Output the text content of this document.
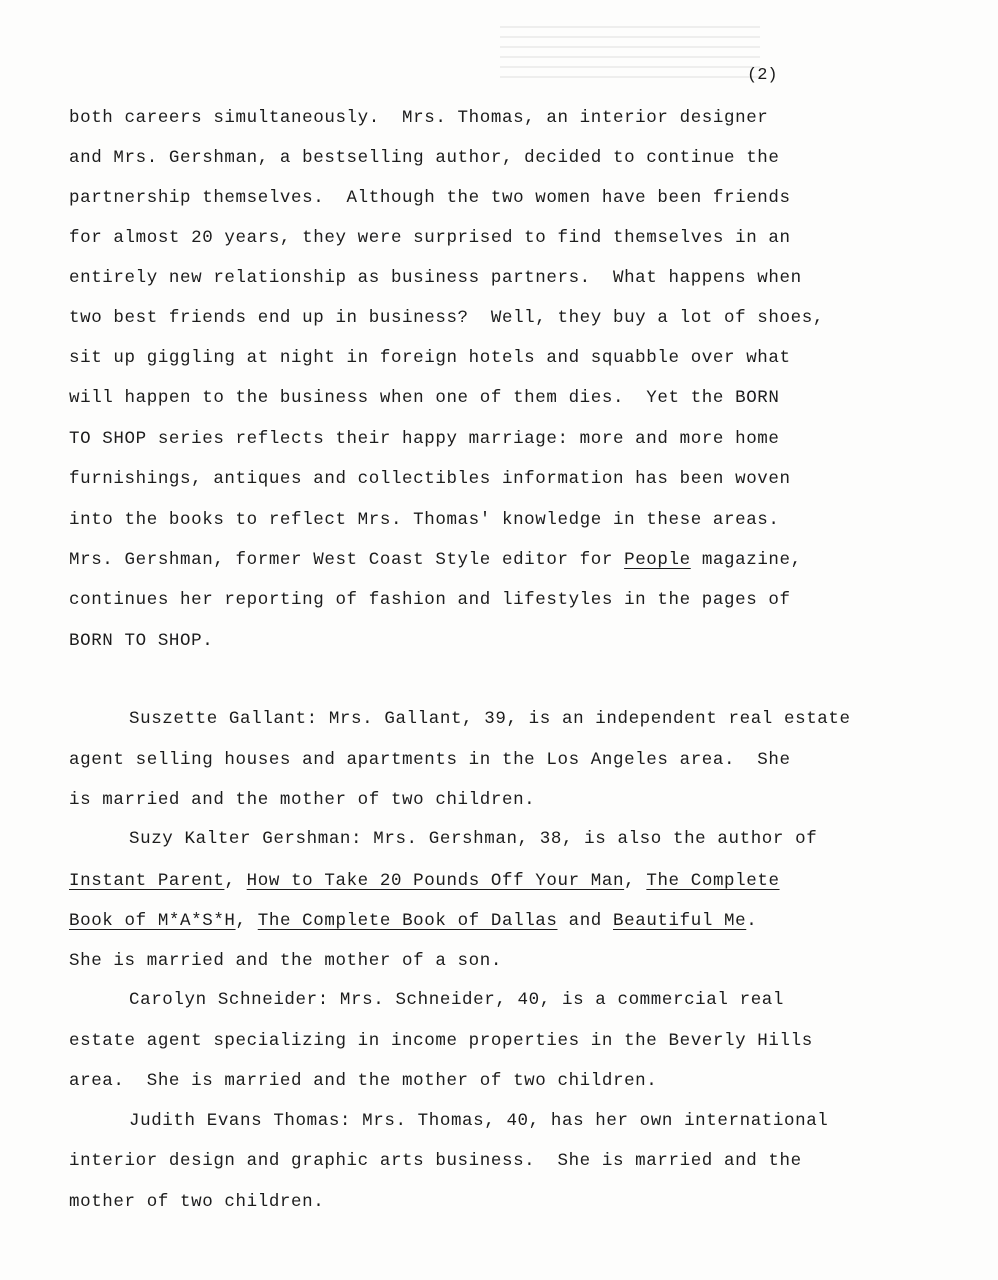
(2)
both careers simultaneously.  Mrs. Thomas, an interior designer
and Mrs. Gershman, a bestselling author, decided to continue the
partnership themselves.  Although the two women have been friends
for almost 20 years, they were surprised to find themselves in an
entirely new relationship as business partners.  What happens when
two best friends end up in business?  Well, they buy a lot of shoes,
sit up giggling at night in foreign hotels and squabble over what
will happen to the business when one of them dies.  Yet the BORN
TO SHOP series reflects their happy marriage: more and more home
furnishings, antiques and collectibles information has been woven
into the books to reflect Mrs. Thomas' knowledge in these areas.
Mrs. Gershman, former West Coast Style editor for People magazine,
continues her reporting of fashion and lifestyles in the pages of
BORN TO SHOP.
Suszette Gallant: Mrs. Gallant, 39, is an independent real estate
agent selling houses and apartments in the Los Angeles area.  She
is married and the mother of two children.
Suzy Kalter Gershman: Mrs. Gershman, 38, is also the author of
Instant Parent, How to Take 20 Pounds Off Your Man, The Complete
Book of M*A*S*H, The Complete Book of Dallas and Beautiful Me.
She is married and the mother of a son.
Carolyn Schneider: Mrs. Schneider, 40, is a commercial real
estate agent specializing in income properties in the Beverly Hills
area.  She is married and the mother of two children.
Judith Evans Thomas: Mrs. Thomas, 40, has her own international
interior design and graphic arts business.  She is married and the
mother of two children.
